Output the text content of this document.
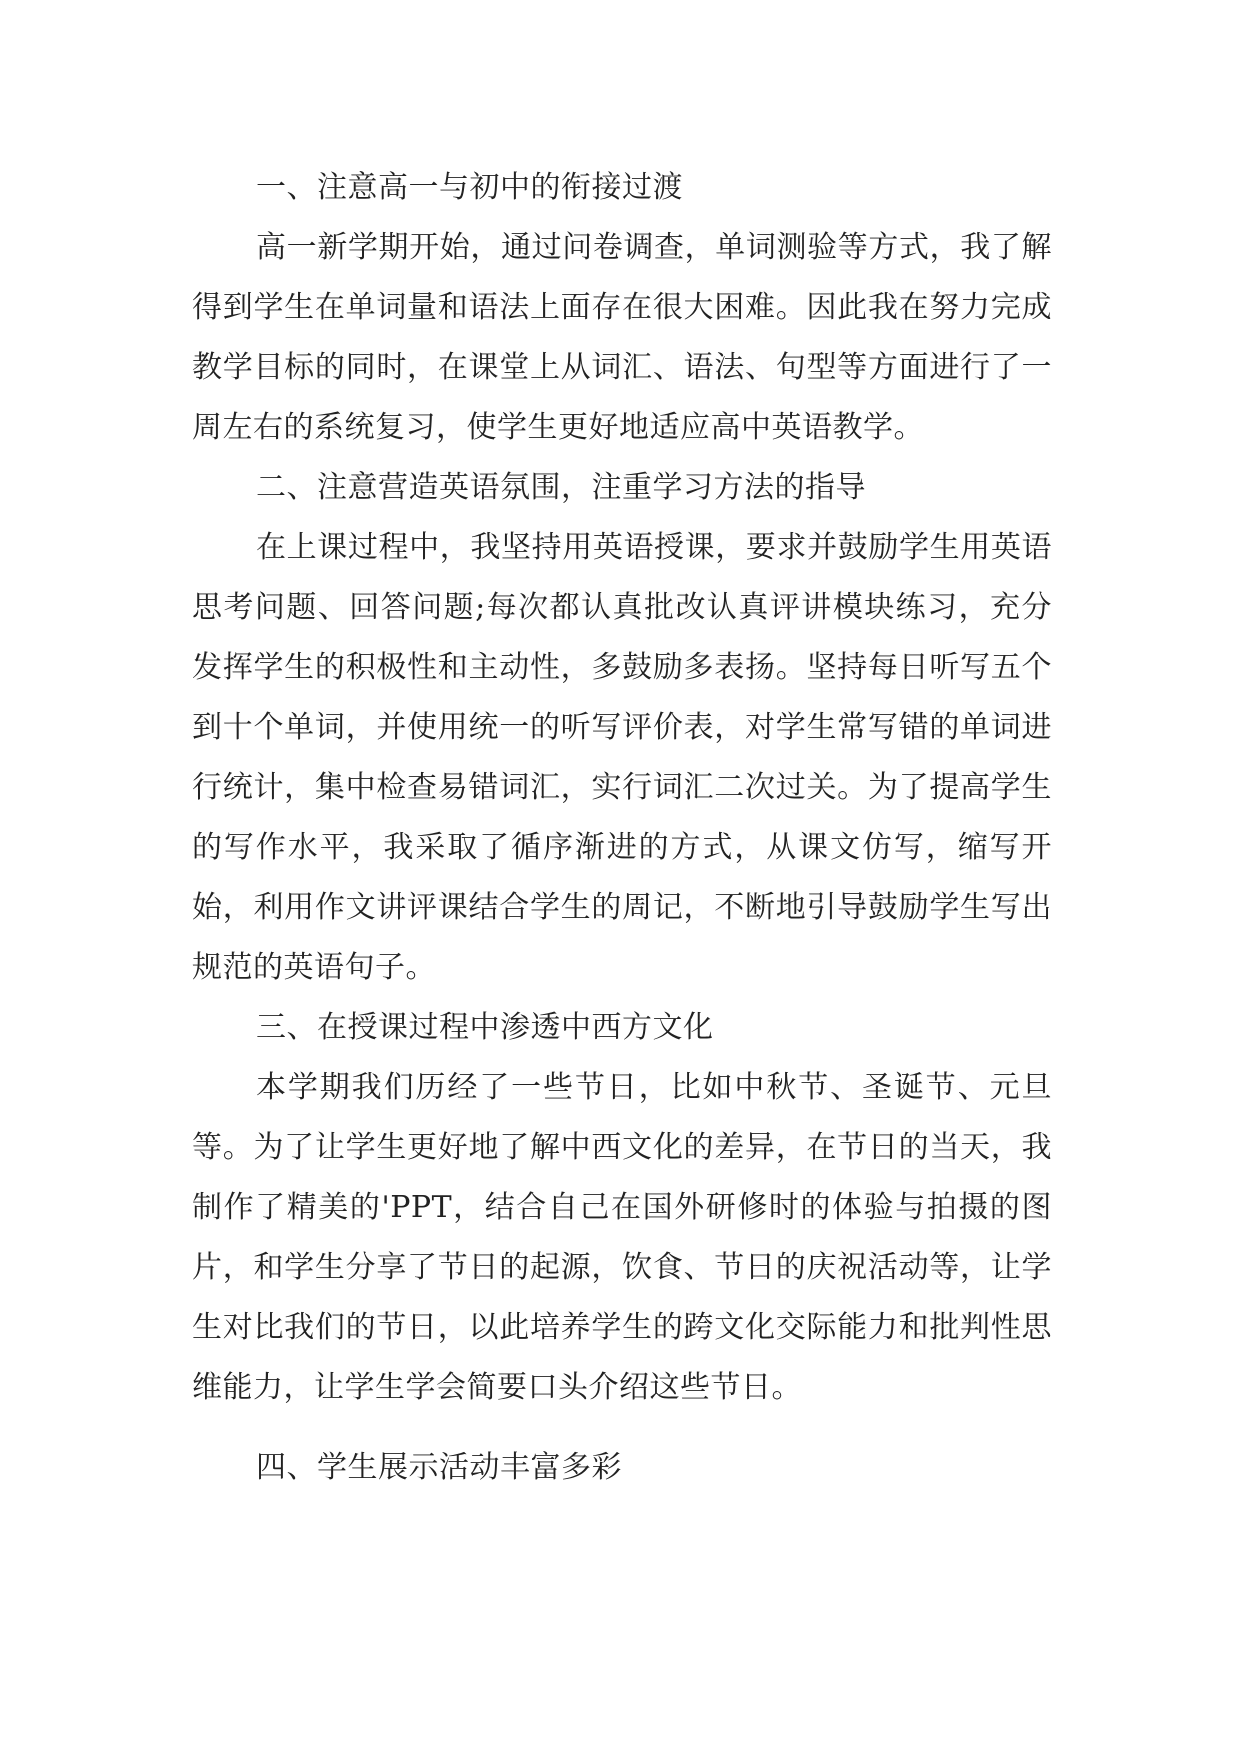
一、注意高一与初中的衔接过渡

高一新学期开始，通过问卷调查，单词测验等方式，我了解得到学生在单词量和语法上面存在很大困难。因此我在努力完成教学目标的同时，在课堂上从词汇、语法、句型等方面进行了一周左右的系统复习，使学生更好地适应高中英语教学。

二、注意营造英语氛围，注重学习方法的指导

在上课过程中，我坚持用英语授课，要求并鼓励学生用英语思考问题、回答问题;每次都认真批改认真评讲模块练习，充分发挥学生的积极性和主动性，多鼓励多表扬。坚持每日听写五个到十个单词，并使用统一的听写评价表，对学生常写错的单词进行统计，集中检查易错词汇，实行词汇二次过关。为了提高学生的写作水平，我采取了循序渐进的方式，从课文仿写，缩写开始，利用作文讲评课结合学生的周记，不断地引导鼓励学生写出规范的英语句子。

三、在授课过程中渗透中西方文化

本学期我们历经了一些节日，比如中秋节、圣诞节、元旦等。为了让学生更好地了解中西文化的差异，在节日的当天，我制作了精美的'PPT，结合自己在国外研修时的体验与拍摄的图片，和学生分享了节日的起源，饮食、节日的庆祝活动等，让学生对比我们的节日，以此培养学生的跨文化交际能力和批判性思维能力，让学生学会简要口头介绍这些节日。

四、学生展示活动丰富多彩
